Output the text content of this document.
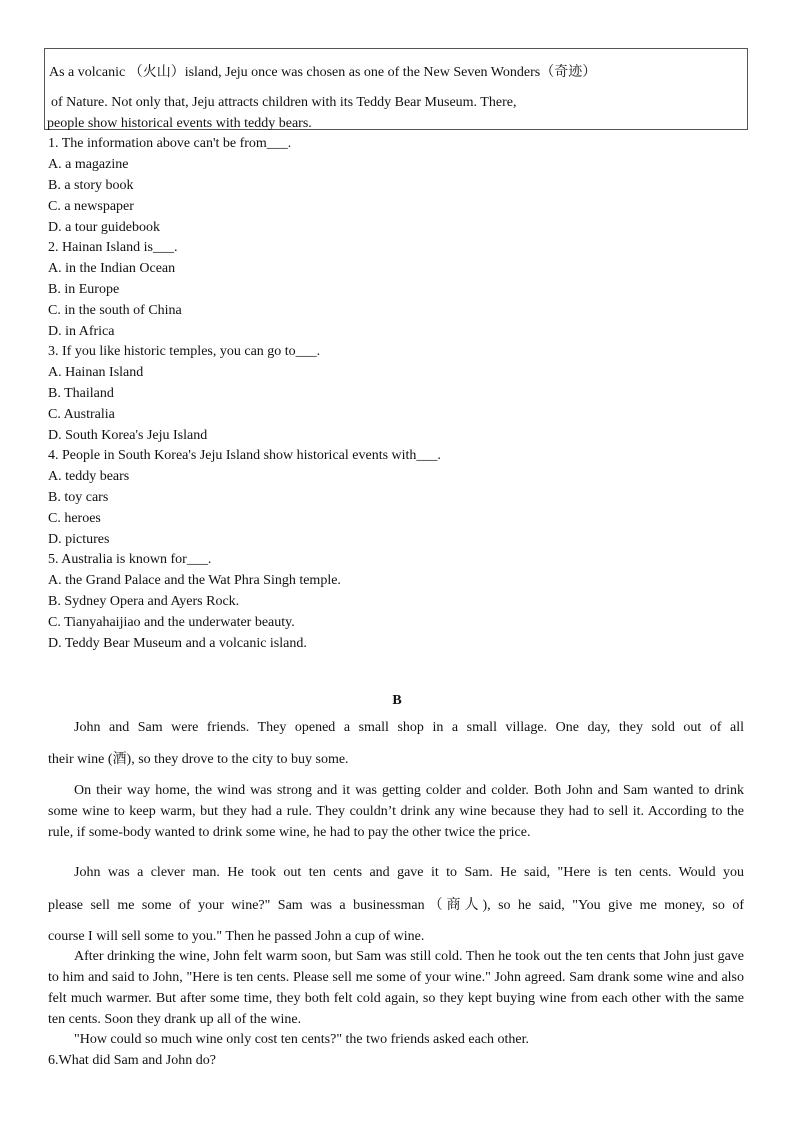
As a volcanic （火山）island, Jeju once was chosen as one of the New Seven Wonders（奇迹）
of Nature. Not only that, Jeju attracts children with its Teddy Bear Museum. There,
people show historical events with teddy bears.
1. The information above can't be from___.
A. a magazine
B. a story book
C. a newspaper
D. a tour guidebook
2. Hainan Island is___.
A. in the Indian Ocean
B. in Europe
C. in the south of China
D. in Africa
3. If you like historic temples, you can go to___.
A. Hainan Island
B. Thailand
C. Australia
D. South Korea's Jeju Island
4. People in South Korea's Jeju Island show historical events with___.
A. teddy bears
B. toy cars
C. heroes
D. pictures
5. Australia is known for___.
A. the Grand Palace and the Wat Phra Singh temple.
B. Sydney Opera and Ayers Rock.
C. Tianyahaijiao and the underwater beauty.
D. Teddy Bear Museum and a volcanic island.
B
John and Sam were friends. They opened a small shop in a small village. One day, they sold out of all
their wine (酒), so they drove to the city to buy some.
On their way home, the wind was strong and it was getting colder and colder. Both John and Sam wanted to drink some wine to keep warm, but they had a rule. They couldn’t drink any wine because they had to sell it. According to the rule, if some-body wanted to drink some wine, he had to pay the other twice the price.
John was a clever man. He took out ten cents and gave it to Sam. He said, "Here is ten cents. Would you
please sell me some of your wine?" Sam was a businessman（商人), so he said, "You give me money, so of
course I will sell some to you." Then he passed John a cup of wine.
After drinking the wine, John felt warm soon, but Sam was still cold. Then he took out the ten cents that John just gave to him and said to John, "Here is ten cents. Please sell me some of your wine." John agreed. Sam drank some wine and also felt much warmer. But after some time, they both felt cold again, so they kept buying wine from each other with the same ten cents. Soon they drank up all of the wine.
"How could so much wine only cost ten cents?" the two friends asked each other.
6.What did Sam and John do?
